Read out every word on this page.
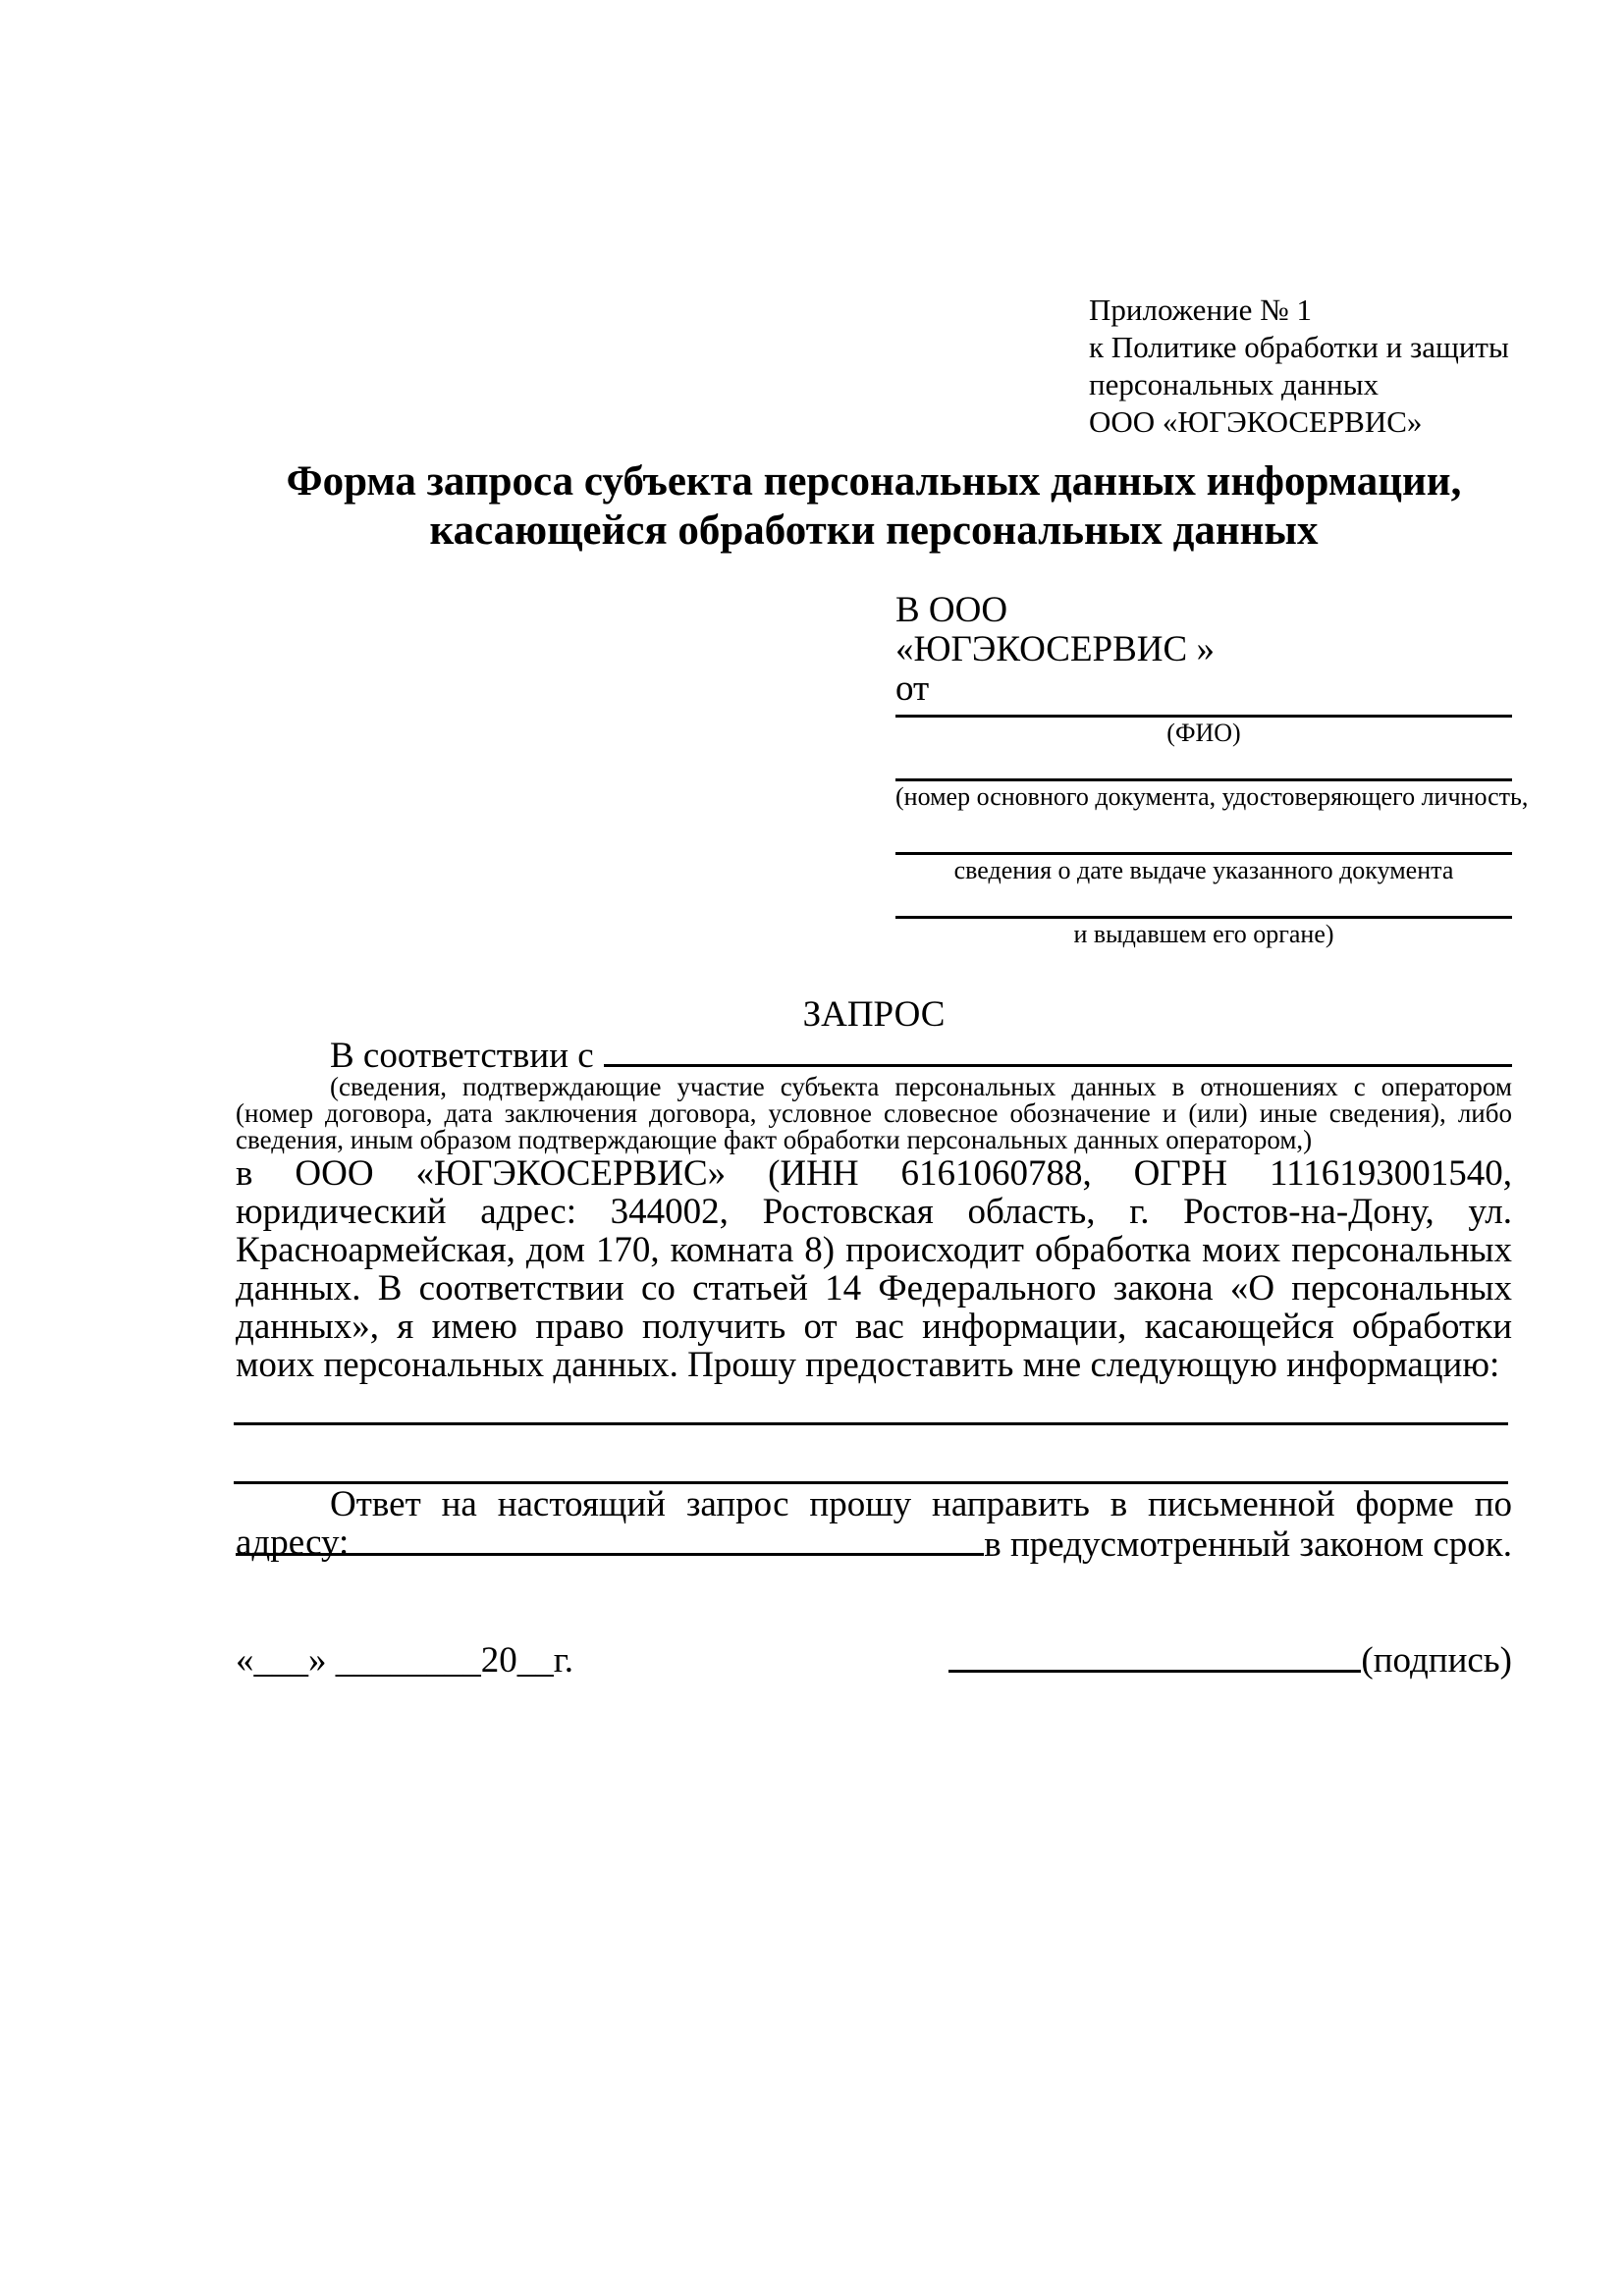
Приложение № 1
к Политике обработки и защиты
персональных данных
ООО «ЮГЭКОСЕРВИС»
Форма запроса субъекта персональных данных информации,
касающейся обработки персональных данных
В ООО
«ЮГЭКОСЕРВИС »
от
(ФИО)
(номер основного документа, удостоверяющего личность,
сведения о дате выдаче указанного документа
и выдавшем его органе)
ЗАПРОС
В соответствии с
(сведения, подтверждающие участие субъекта персональных данных в отношениях с оператором (номер договора, дата заключения договора, условное словесное обозначение и (или) иные сведения), либо сведения, иным образом подтверждающие факт обработки персональных данных оператором,)
в ООО «ЮГЭКОСЕРВИС» (ИНН 6161060788, ОГРН 1116193001540, юридический адрес: 344002, Ростовская область, г. Ростов-на-Дону, ул. Красноармейская, дом 170, комната 8) происходит обработка моих персональных данных. В соответствии со статьей 14 Федерального закона «О персональных данных», я имею право получить от вас информации, касающейся обработки моих персональных данных. Прошу предоставить мне следующую информацию:
Ответ на настоящий запрос прошу направить в письменной форме по адресу:	в предусмотренный законом срок.
«___» ________20__г.	(подпись)
